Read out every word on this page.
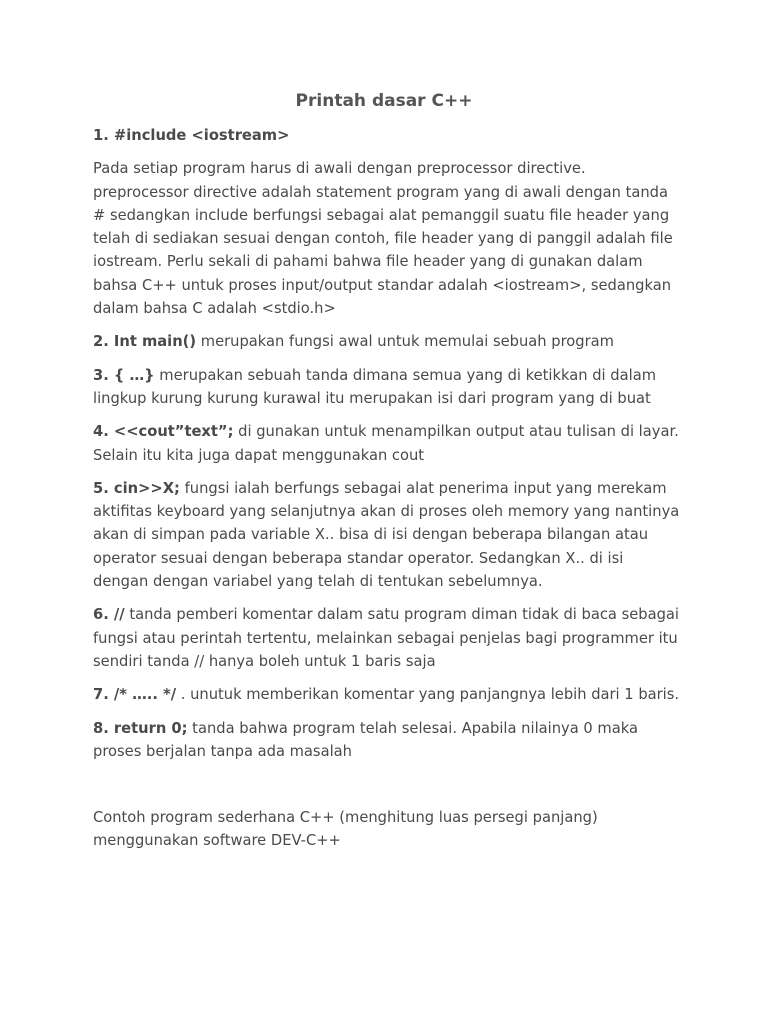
Printah dasar C++

1. #include <iostream>

Pada setiap program harus di awali dengan preprocessor directive. preprocessor directive adalah statement program yang di awali dengan tanda # sedangkan include berfungsi sebagai alat pemanggil suatu file header yang telah di sediakan sesuai dengan contoh, file header yang di panggil adalah file iostream. Perlu sekali di pahami bahwa file header yang di gunakan dalam bahsa C++ untuk proses input/output standar adalah <iostream>, sedangkan dalam bahsa C adalah <stdio.h>

2. Int main() merupakan fungsi awal untuk memulai sebuah program

3. { …} merupakan sebuah tanda dimana semua yang di ketikkan di dalam lingkup kurung kurung kurawal itu merupakan isi dari program yang di buat

4. <<cout”text”; di gunakan untuk menampilkan output atau tulisan di layar. Selain itu kita juga dapat menggunakan cout

5. cin>>X; fungsi ialah berfungs sebagai alat penerima input yang merekam aktifitas keyboard yang selanjutnya akan di proses oleh memory yang nantinya akan di simpan pada variable X.. bisa di isi dengan beberapa bilangan atau operator sesuai dengan beberapa standar operator. Sedangkan X.. di isi dengan dengan variabel yang telah di tentukan sebelumnya.

6. // tanda pemberi komentar dalam satu program diman tidak di baca sebagai fungsi atau perintah tertentu, melainkan sebagai penjelas bagi programmer itu sendiri tanda // hanya boleh untuk 1 baris saja

7. /* ….. */ . unutuk memberikan komentar yang panjangnya lebih dari 1 baris.

8. return 0; tanda bahwa program telah selesai. Apabila nilainya 0 maka proses berjalan tanpa ada masalah

Contoh program sederhana C++ (menghitung luas persegi panjang) menggunakan software DEV-C++
